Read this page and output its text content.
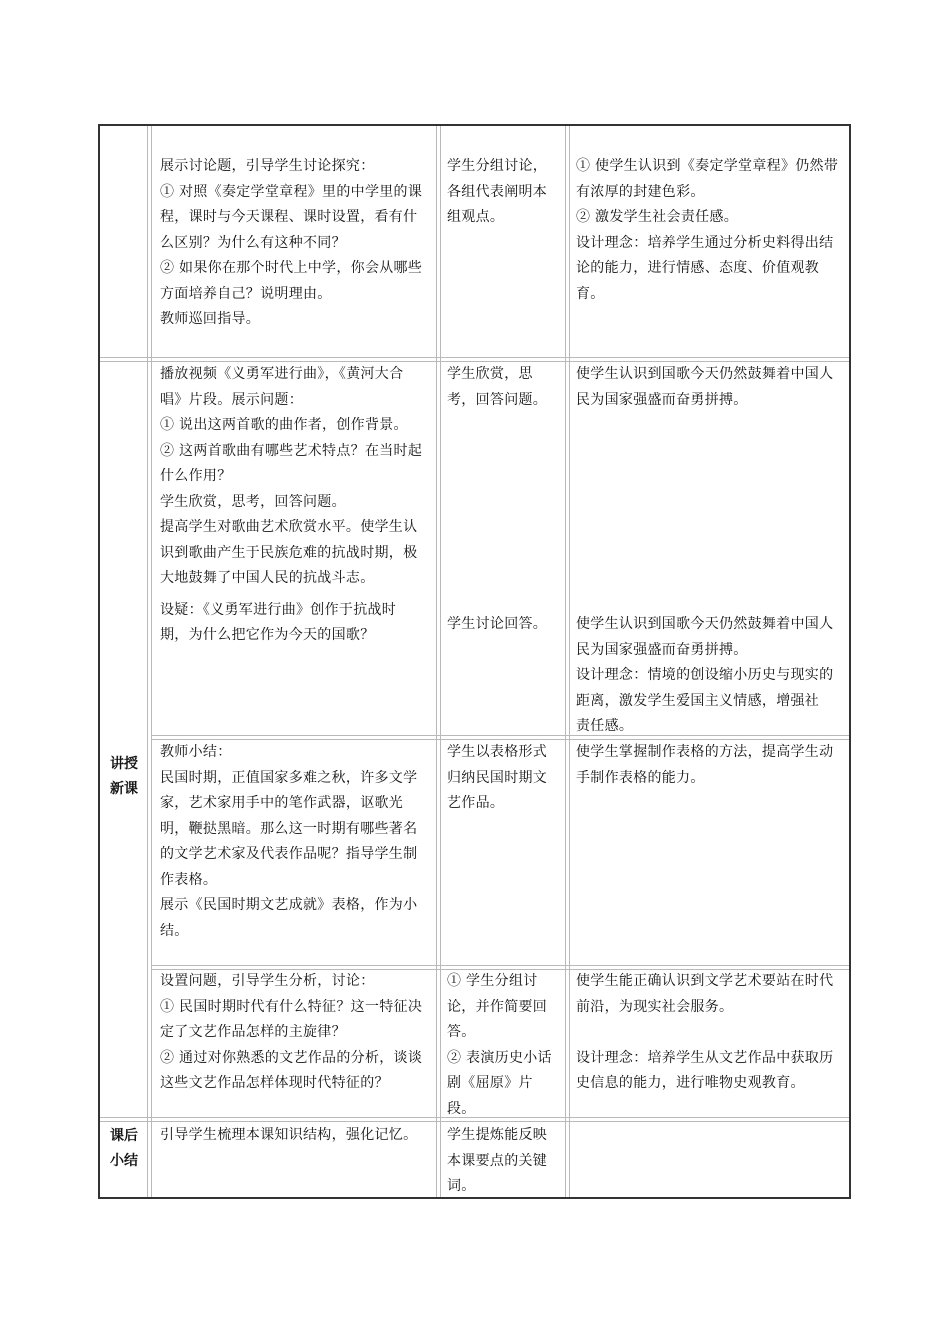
展示讨论题，引导学生讨论探究：

① 对照《奏定学堂章程》里的中学里的课

程，课时与今天课程、课时设置，看有什

么区别？为什么有这种不同？

② 如果你在那个时代上中学，你会从哪些

方面培养自己？说明理由。

教师巡回指导。

学生分组讨论，

各组代表阐明本

组观点。

① 使学生认识到《奏定学堂章程》仍然带

有浓厚的封建色彩。

② 激发学生社会责任感。

设计理念：培养学生通过分析史料得出结

论的能力，进行情感、态度、价值观教

育。

播放视频《义勇军进行曲》，《黄河大合

唱》片段。展示问题：

① 说出这两首歌的曲作者，创作背景。

② 这两首歌曲有哪些艺术特点？在当时起

什么作用？

学生欣赏，思考，回答问题。

提高学生对歌曲艺术欣赏水平。使学生认

识到歌曲产生于民族危难的抗战时期，极

大地鼓舞了中国人民的抗战斗志。

设疑：《义勇军进行曲》创作于抗战时

期，为什么把它作为今天的国歌？

学生欣赏，思

考，回答问题。

学生讨论回答。

使学生认识到国歌今天仍然鼓舞着中国人

民为国家强盛而奋勇拼搏。

使学生认识到国歌今天仍然鼓舞着中国人

民为国家强盛而奋勇拼搏。

设计理念：情境的创设缩小历史与现实的

距离，激发学生爱国主义情感，增强社

责任感。

讲授
新课

教师小结：

民国时期，正值国家多难之秋，许多文学

家，艺术家用手中的笔作武器，讴歌光

明，鞭挞黑暗。那么这一时期有哪些著名

的文学艺术家及代表作品呢？指导学生制

作表格。

展示《民国时期文艺成就》表格，作为小

结。

学生以表格形式

归纳民国时期文

艺作品。

使学生掌握制作表格的方法，提高学生动

手制作表格的能力。

设置问题，引导学生分析，讨论：

① 民国时期时代有什么特征？这一特征决

定了文艺作品怎样的主旋律？

② 通过对你熟悉的文艺作品的分析，谈谈

这些文艺作品怎样体现时代特征的？

① 学生分组讨

论，并作简要回

答。

② 表演历史小话

剧《屈原》片

段。

使学生能正确认识到文学艺术要站在时代

前沿，为现实社会服务。

设计理念：培养学生从文艺作品中获取历

史信息的能力，进行唯物史观教育。

课后
小结

引导学生梳理本课知识结构，强化记忆。	学生提炼能反映

本课要点的关键

词。
